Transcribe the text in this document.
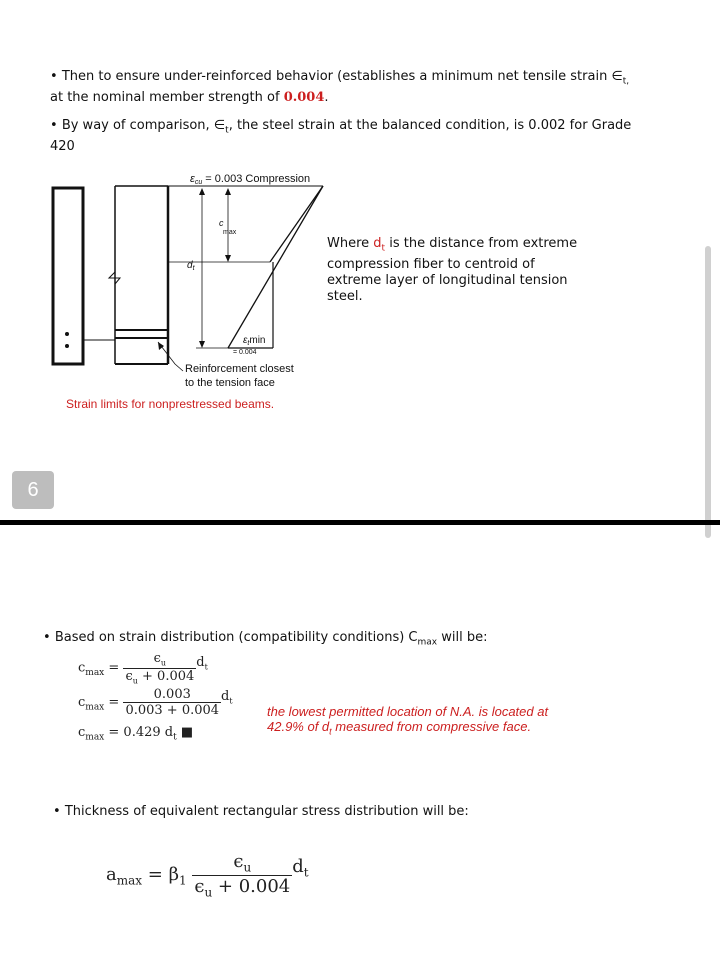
• Then to ensure under-reinforced behavior (establishes a minimum net tensile strain $\in_{t,}$
at the nominal member strength of 0.004.
• By way of comparison, $\in_t$, the steel strain at the balanced condition, is 0.002 for Grade
420
εcu = 0.003 Compression
c
max
$d_t$
$\varepsilon_t\min$
= 0.004
Reinforcement closest
to the tension face
Where $d_t$ is the distance from extreme
compression fiber to centroid of
extreme layer of longitudinal tension
steel.
Strain limits for nonprestressed beams.
6
• Based on strain distribution (compatibility conditions) $C_{max}$ will be:
$c_{max} = \frac{\epsilon_u}{\epsilon_u + 0.004} d_t$
$c_{max} = \frac{0.003}{0.003 + 0.004} d_t$
$c_{max} = 0.429$ $d_t$ ■
the lowest permitted location of N.A. is located at
42.9% of $d_t$ measured from compressive face.
• Thickness of equivalent rectangular stress distribution will be:
$a_{max} = \beta_1 \frac{\epsilon_u}{\epsilon_u + 0.004} d_t$
